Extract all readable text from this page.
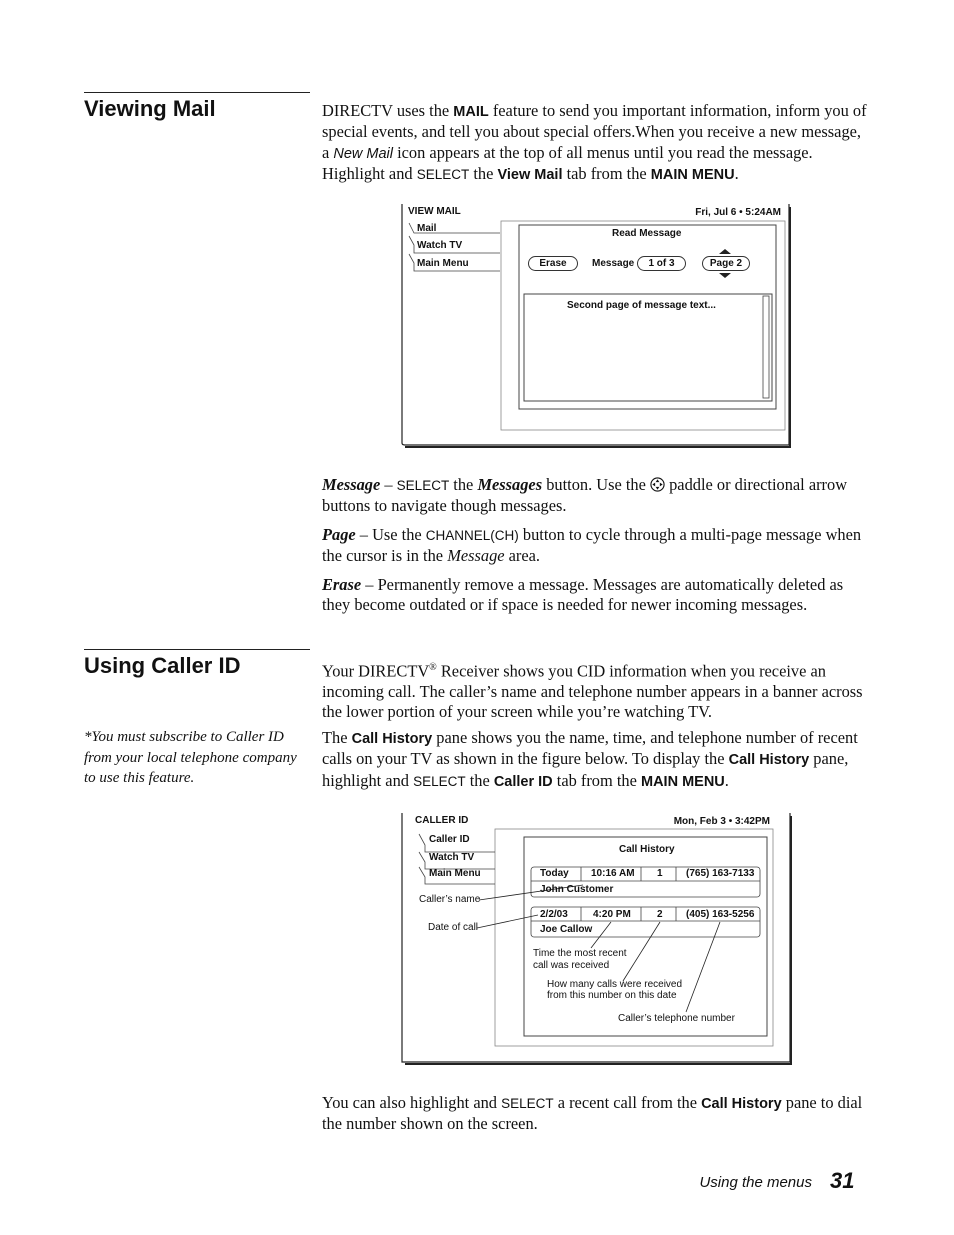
Viewing Mail	DIRECTV uses the MAIL feature to send you important information, inform you of special events, and tell you about special offers.When you receive a new message, a New Mail icon appears at the top of all menus until you read the message. Highlight and SELECT the View Mail tab from the MAIN MENU.

VIEW MAIL	Fri, Jul 6 • 5:24AM
Mail
Watch TV
Main Menu
Read Message
Erase	Message	1 of 3	Page 2
Second page of message text...

Message – SELECT the Messages button. Use the  paddle or directional arrow buttons to navigate though messages.

Page – Use the CHANNEL(CH) button to cycle through a multi-page message when the cursor is in the Message area.

Erase – Permanently remove a message. Messages are automatically deleted as they become outdated or if space is needed for newer incoming messages.

Using Caller ID
*You must subscribe to Caller ID from your local telephone company to use this feature.

Your DIRECTV® Receiver shows you CID information when you receive an incoming call. The caller’s name and telephone number appears in a banner across the lower portion of your screen while you’re watching TV.

The Call History pane shows you the name, time, and telephone number of recent calls on your TV as shown in the figure below. To display the Call History pane, highlight and SELECT the Caller ID tab from the MAIN MENU.

CALLER ID	Mon, Feb 3 • 3:42PM
Caller ID
Watch TV
Main Menu
Call History
Today 10:16 AM 1 (765) 163-7133
John Customer
2/2/03	4:20 PM	2 (405) 163-5256
Joe Callow
Caller’s name
Date of call
Time the most recent
call was received
How many calls were received
from this number on this date
Caller’s telephone number

You can also highlight and SELECT a recent call from the Call History pane to dial the number shown on the screen.

Using the menus 31
